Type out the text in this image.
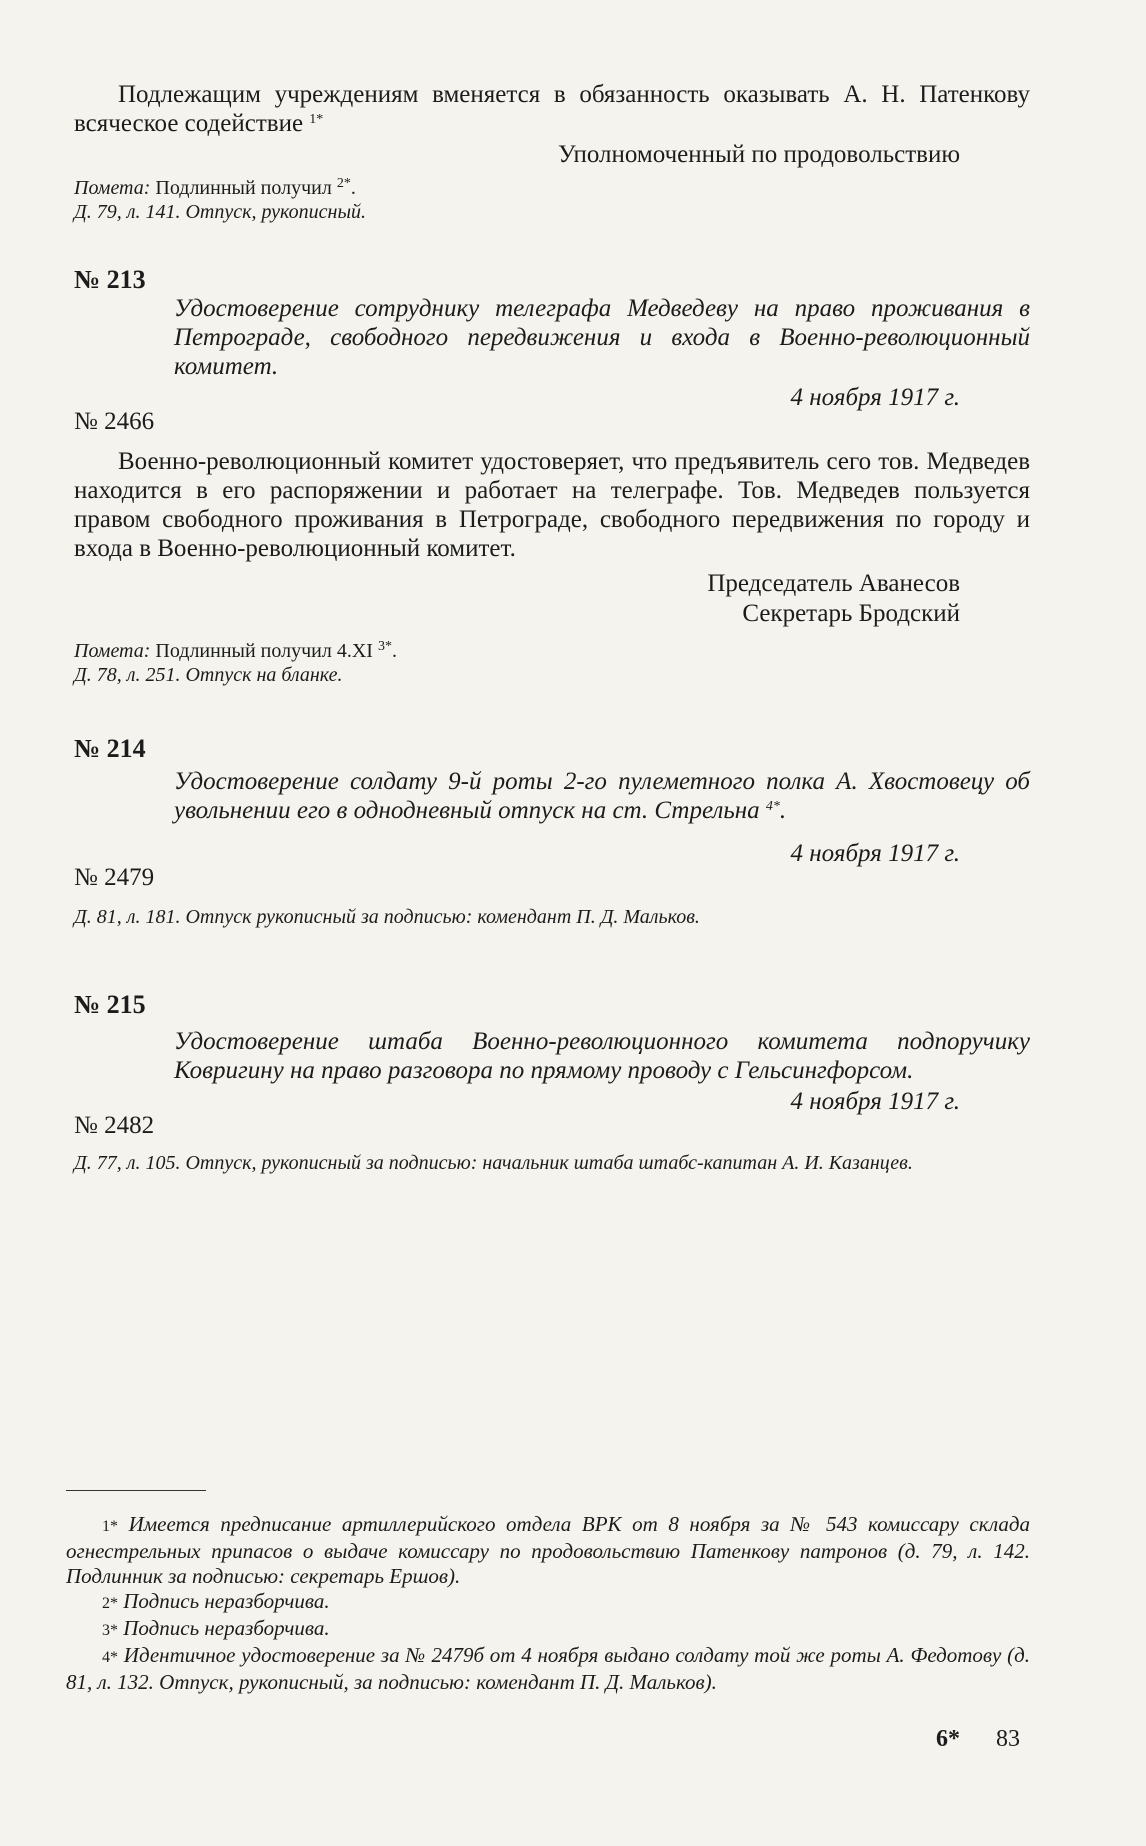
Подлежащим учреждениям вменяется в обязанность оказывать А. Н. Патенкову всяческое содействие $^{1*}$

Уполномоченный по продовольствию

Помета: Подлинный получил $^{2*}$.

Д. 79, л. 141. Отпуск, рукописный.

№ 213

Удостоверение сотруднику телеграфа Медведеву на право проживания в Петрограде, свободного передвижения и входа в Военно-революционный комитет.

4 ноября 1917 г.

№ 2466

Военно-революционный комитет удостоверяет, что предъявитель сего тов. Медведев находится в его распоряжении и работает на телеграфе. Тов. Медведев пользуется правом свободного проживания в Петрограде, свободного передвижения по городу и входа в Военно-революционный комитет.

Председатель Аванесов

Секретарь Бродский

Помета: Подлинный получил 4.XI $^{3*}$.

Д. 78, л. 251. Отпуск на бланке.

№ 214

Удостоверение солдату 9-й роты 2-го пулеметного полка А. Хвостовецу об увольнении его в однодневный отпуск на ст. Стрельна $^{4*}$.

4 ноября 1917 г.

№ 2479

Д. 81, л. 181. Отпуск рукописный за подписью: комендант П. Д. Мальков.

№ 215

Удостоверение штаба Военно-революционного комитета подпоручику Ковригину на право разговора по прямому проводу с Гельсингфорсом.

4 ноября 1917 г.

№ 2482

Д. 77, л. 105. Отпуск, рукописный за подписью: начальник штаба штабс-капитан А. И. Казанцев.

1* Имеется предписание артиллерийского отдела ВРК от 8 ноября за № 543 комиссару склада огнестрельных припасов о выдаче комиссару по продовольствию Патенкову патронов (д. 79, л. 142. Подлинник за подписью: секретарь Ершов).

2* Подпись неразборчива.

3* Подпись неразборчива.

4* Идентичное удостоверение за № 2479б от 4 ноября выдано солдату той же роты А. Федотову (д. 81, л. 132. Отпуск, рукописный, за подписью: комендант П. Д. Мальков).

6* 83
